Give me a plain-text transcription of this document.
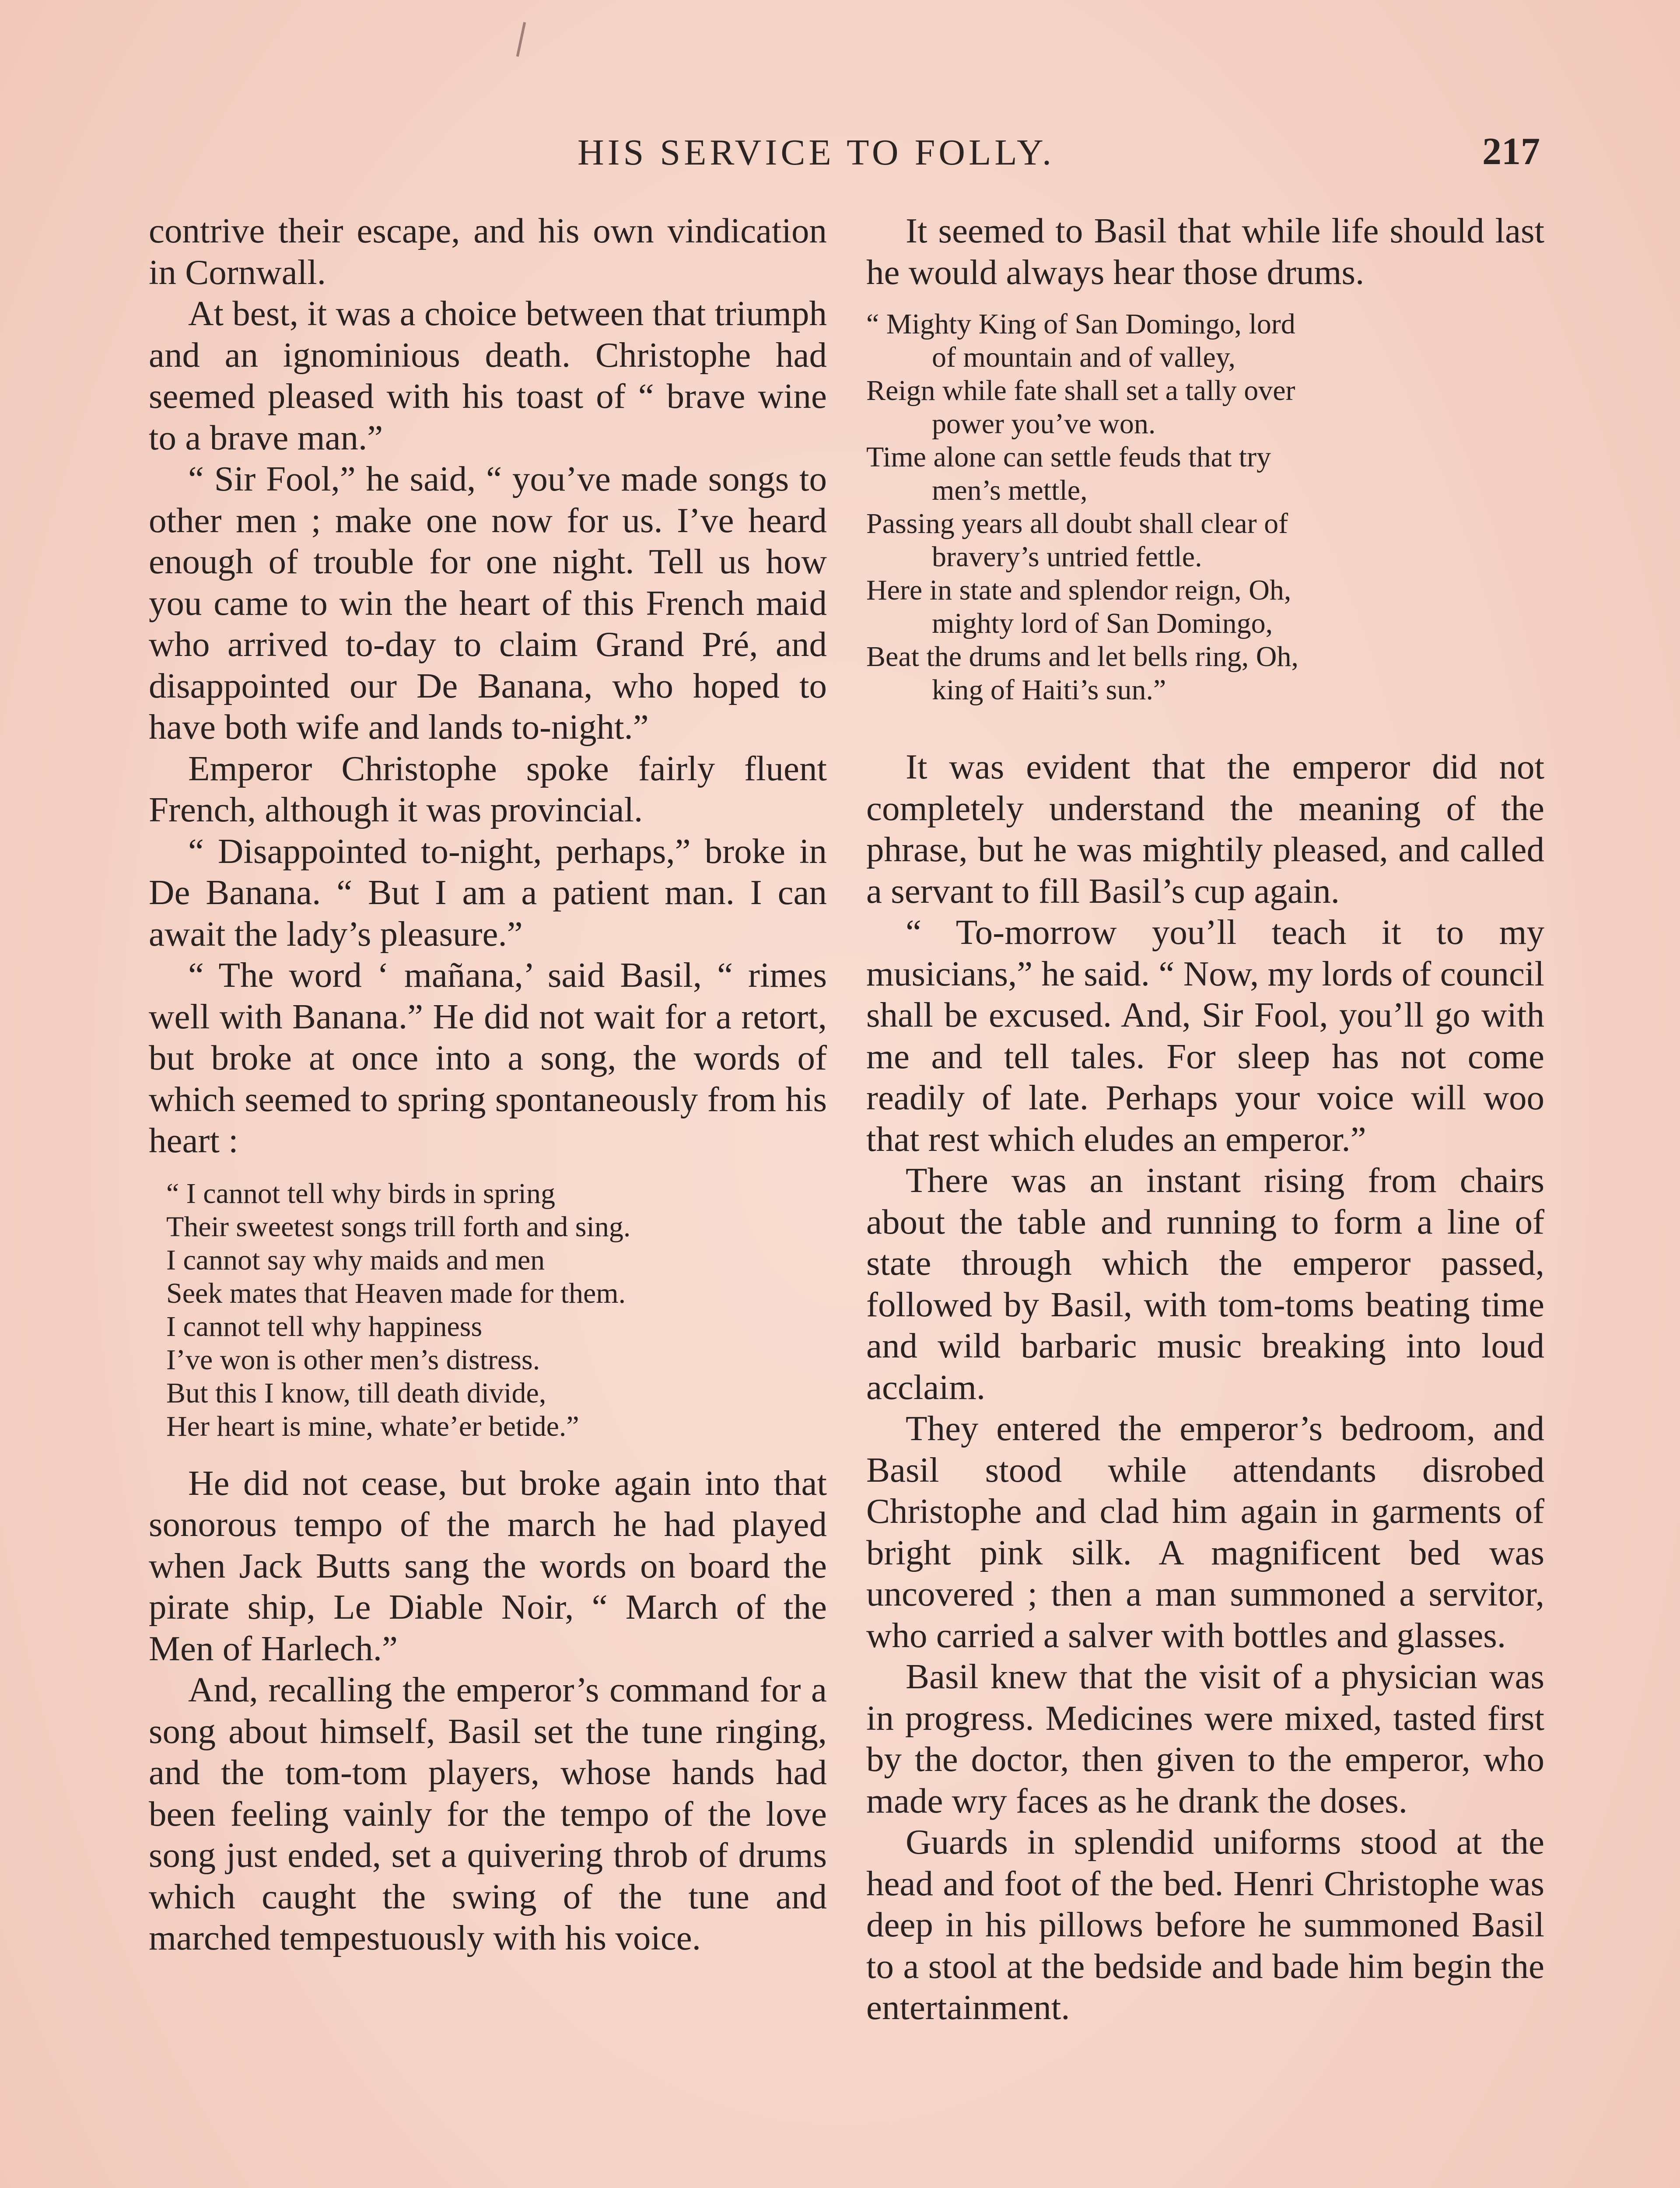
HIS SERVICE TO FOLLY.	217

contrive their escape, and his own vindication in Cornwall.

At best, it was a choice between that triumph and an ignominious death. Christophe had seemed pleased with his toast of “ brave wine to a brave man.”

“ Sir Fool,” he said, “ you’ve made songs to other men ; make one now for us. I’ve heard enough of trouble for one night. Tell us how you came to win the heart of this French maid who arrived to-day to claim Grand Pré, and disappointed our De Banana, who hoped to have both wife and lands to-night.”

Emperor Christophe spoke fairly fluent French, although it was provincial.

“ Disappointed to-night, perhaps,” broke in De Banana. “ But I am a patient man. I can await the lady’s pleasure.”

“ The word ‘ mañana,’ said Basil, “ rimes well with Banana.” He did not wait for a retort, but broke at once into a song, the words of which seemed to spring spontaneously from his heart :

“ I cannot tell why birds in spring
Their sweetest songs trill forth and sing.
I cannot say why maids and men
Seek mates that Heaven made for them.
I cannot tell why happiness
I’ve won is other men’s distress.
But this I know, till death divide,
Her heart is mine, whate’er betide.”

He did not cease, but broke again into that sonorous tempo of the march he had played when Jack Butts sang the words on board the pirate ship, Le Diable Noir, “ March of the Men of Harlech.”

And, recalling the emperor’s command for a song about himself, Basil set the tune ringing, and the tom-tom players, whose hands had been feeling vainly for the tempo of the love song just ended, set a quivering throb of drums which caught the swing of the tune and marched tempestuously with his voice.

It seemed to Basil that while life should last he would always hear those drums.

“ Mighty King of San Domingo, lord
of mountain and of valley,
Reign while fate shall set a tally over
power you’ve won.
Time alone can settle feuds that try
men’s mettle,
Passing years all doubt shall clear of
bravery’s untried fettle.
Here in state and splendor reign, Oh,
mighty lord of San Domingo,
Beat the drums and let bells ring, Oh,
king of Haiti’s sun.”

It was evident that the emperor did not completely understand the meaning of the phrase, but he was mightily pleased, and called a servant to fill Basil’s cup again.

“ To-morrow you’ll teach it to my musicians,” he said. “ Now, my lords of council shall be excused. And, Sir Fool, you’ll go with me and tell tales. For sleep has not come readily of late. Perhaps your voice will woo that rest which eludes an emperor.”

There was an instant rising from chairs about the table and running to form a line of state through which the emperor passed, followed by Basil, with tom-toms beating time and wild barbaric music breaking into loud acclaim.

They entered the emperor’s bedroom, and Basil stood while attendants disrobed Christophe and clad him again in garments of bright pink silk. A magnificent bed was uncovered ; then a man summoned a servitor, who carried a salver with bottles and glasses.

Basil knew that the visit of a physician was in progress. Medicines were mixed, tasted first by the doctor, then given to the emperor, who made wry faces as he drank the doses.

Guards in splendid uniforms stood at the head and foot of the bed. Henri Christophe was deep in his pillows before he summoned Basil to a stool at the bedside and bade him begin the entertainment.
